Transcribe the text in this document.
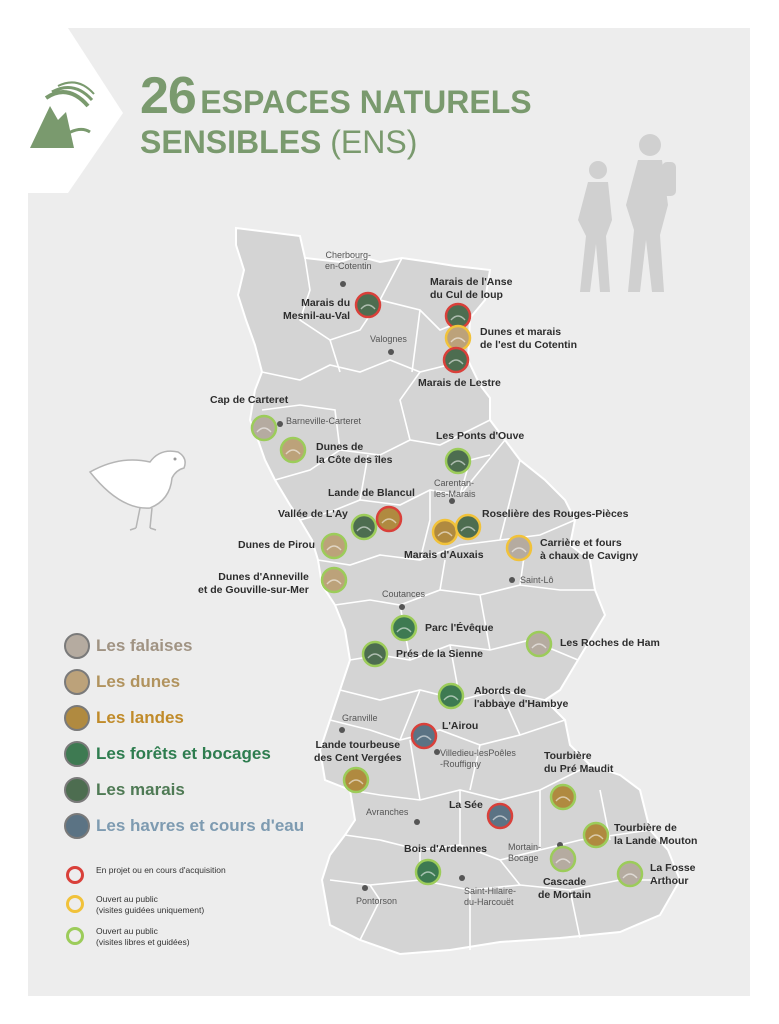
26 ESPACES NATURELS
SENSIBLES (ENS)
Cherbourg-
en-Cotentin
Valognes
Barneville-Carteret
Carentan-
les-Marais
Saint-Lô
Coutances
Granville
Villedieu-lesPoêles
-Rouffigny
Avranches
Mortain-
Bocage
Saint-Hilaire-
du-Harcouët
Pontorson
Marais du
Mesnil-au-Val
Marais de l'Anse
du Cul de loup
Dunes et marais
de l'est du Cotentin
Marais de Lestre
Cap de Carteret
Dunes de
la Côte des îles
Les Ponts d'Ouve
Lande de Blancul
Vallée de L'Ay	Roselière des Rouges-Pièces
Dunes de Pirou
Marais d'Auxais
Carrière et fours
à chaux de Cavigny
Dunes d'Anneville
et de Gouville-sur-Mer
Parc l'Évêque
Prés de la Sienne
Les Roches de Ham
Abords de
l'abbaye d'Hambye
L'Airou
Lande tourbeuse
des Cent Vergées	Tourbière
du Pré Maudit
La Sée
Tourbière de
la Lande Mouton
Bois d'Ardennes
Cascade
de Mortain
La Fosse
Arthour
Les falaises
Les dunes
Les landes
Les forêts et bocages
Les marais
Les havres et cours d'eau
En projet ou en cours d'acquisition
Ouvert au public
(visites guidées uniquement)
Ouvert au public
(visites libres et guidées)
